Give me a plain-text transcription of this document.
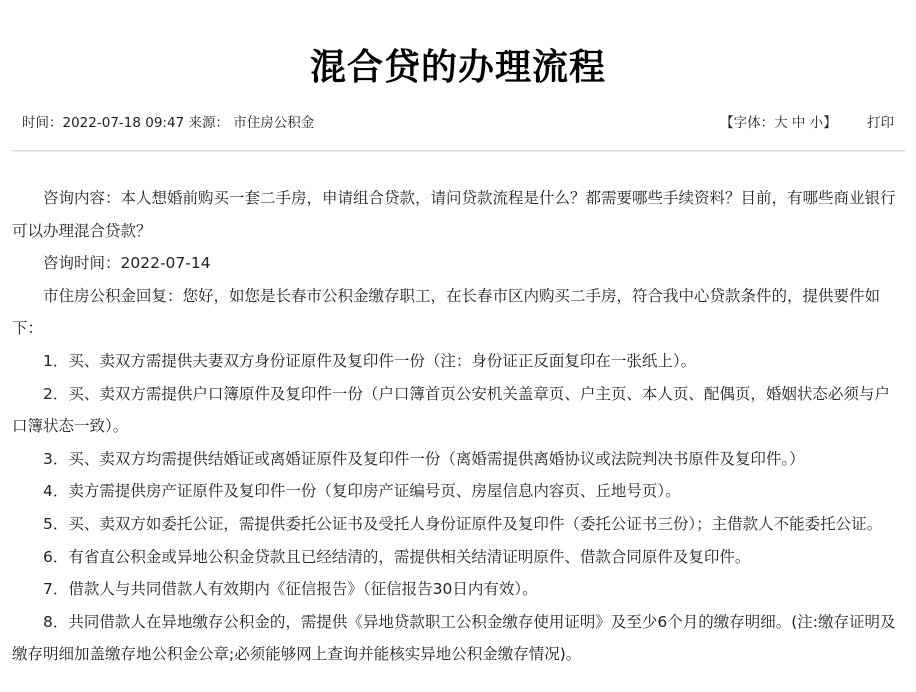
混合贷的办理流程
时间：2022-07-18 09:47 来源： 市住房公积金	【字体：大 中 小】 打印

咨询内容：本人想婚前购买一套二手房，申请组合贷款，请问贷款流程是什么？都需要哪些手续资料？目前，有哪些商业银行可以办理混合贷款？

咨询时间：2022-07-14

市住房公积金回复：您好，如您是长春市公积金缴存职工，在长春市区内购买二手房，符合我中心贷款条件的，提供要件如下：

1．买、卖双方需提供夫妻双方身份证原件及复印件一份（注：身份证正反面复印在一张纸上）。

2．买、卖双方需提供户口簿原件及复印件一份（户口簿首页公安机关盖章页、户主页、本人页、配偶页，婚姻状态必须与户口簿状态一致）。

3．买、卖双方均需提供结婚证或离婚证原件及复印件一份（离婚需提供离婚协议或法院判决书原件及复印件。）

4．卖方需提供房产证原件及复印件一份（复印房产证编号页、房屋信息内容页、丘地号页）。

5．买、卖双方如委托公证，需提供委托公证书及受托人身份证原件及复印件（委托公证书三份）；主借款人不能委托公证。

6．有省直公积金或异地公积金贷款且已经结清的，需提供相关结清证明原件、借款合同原件及复印件。

7．借款人与共同借款人有效期内《征信报告》（征信报告30日内有效）。

8．共同借款人在异地缴存公积金的，需提供《异地贷款职工公积金缴存使用证明》及至少6个月的缴存明细。(注:缴存证明及缴存明细加盖缴存地公积金公章;必须能够网上查询并能核实异地公积金缴存情况)。
